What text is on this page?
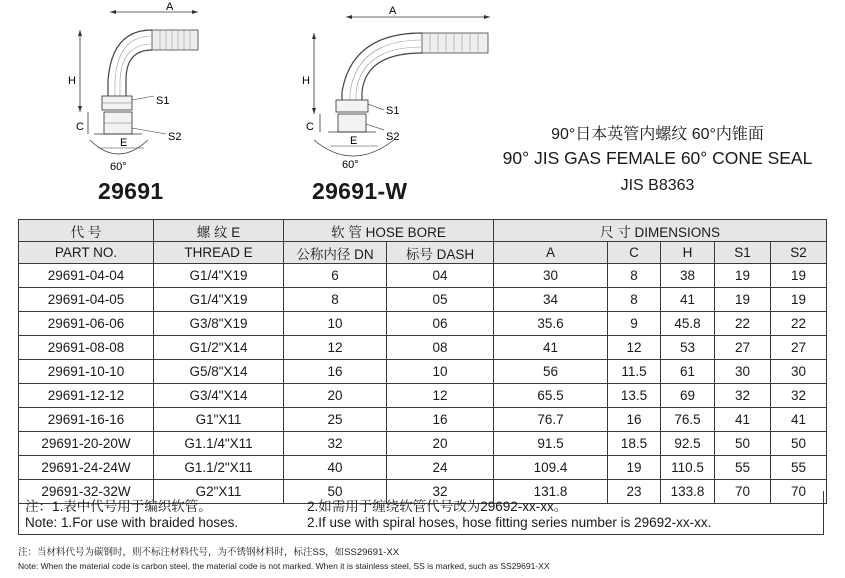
A
H
C
S1
S2
E
60°
A
H
C
S1
S2
E
60°
29691	29691-W
90°日本英管内螺纹 60°内锥面
90° JIS GAS FEMALE 60° CONE SEAL
JIS B8363
代 号	螺 纹 E	软 管 HOSE BORE		尺 寸 DIMENSIONS				
PART NO.	THREAD E	公称内径 DN	标号 DASH	A	C	H	S1	S2
29691-04-04	G1/4"X19	6	04	30	8	38	19	19
29691-04-05	G1/4"X19	8	05	34	8	41	19	19
29691-06-06	G3/8"X19	10	06	35.6	9	45.8	22	22
29691-08-08	G1/2"X14	12	08	41	12	53	27	27
29691-10-10	G5/8"X14	16	10	56	11.5	61	30	30
29691-12-12	G3/4"X14	20	12	65.5	13.5	69	32	32
29691-16-16	G1"X11	25	16	76.7	16	76.5	41	41
29691-20-20W	G1.1/4"X11	32	20	91.5	18.5	92.5	50	50
29691-24-24W	G1.1/2"X11	40	24	109.4	19	110.5	55	55
29691-32-32W	G2"X11	50	32	131.8	23	133.8	70	70
注：1.表中代号用于编织软管。	2.如需用于缠绕软管代号改为29692-xx-xx。
Note: 1.For use with braided hoses.	2.If use with spiral hoses, hose fitting series number is 29692-xx-xx.
注：当材料代号为碳钢时，则不标注材料代号，为不锈钢材料时，标注SS，如SS29691-XX
Note: When the material code is carbon steel, the material code is not marked. When it is stainless steel, SS is marked, such as SS29691-XX
